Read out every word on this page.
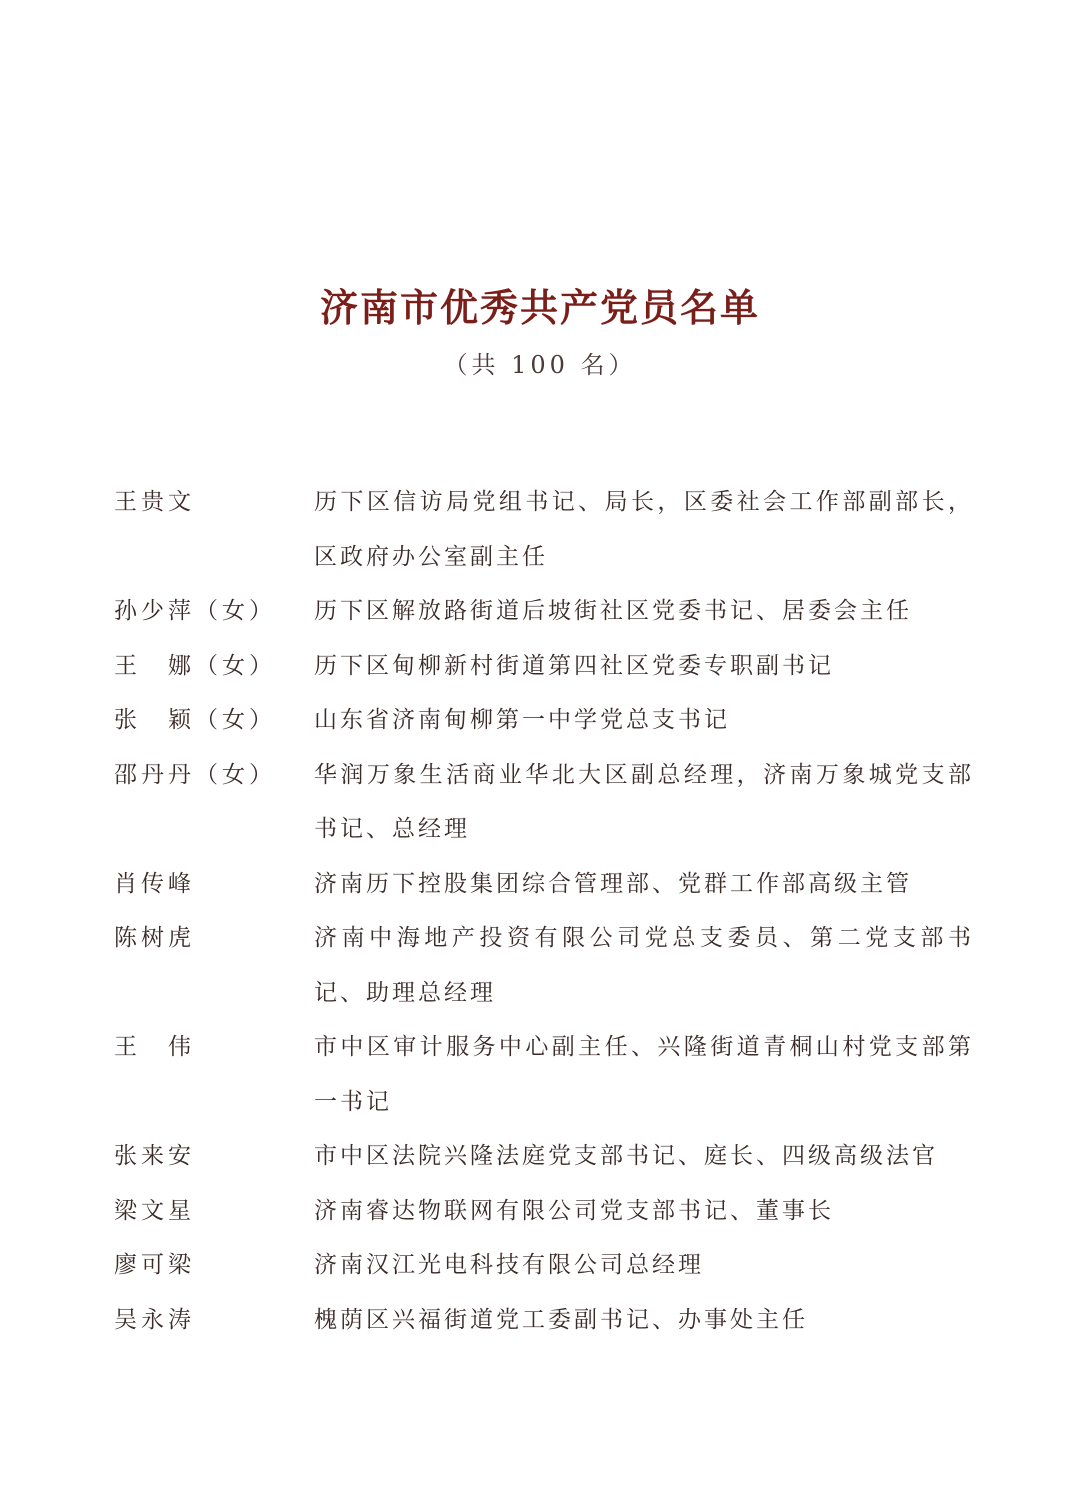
济南市优秀共产党员名单
（共 100 名）
王贵文	历下区信访局党组书记、局长，区委社会工作部副部长，区政府办公室副主任
孙少萍（女）	历下区解放路街道后坡街社区党委书记、居委会主任
王　娜（女）	历下区甸柳新村街道第四社区党委专职副书记
张　颖（女）	山东省济南甸柳第一中学党总支书记
邵丹丹（女）	华润万象生活商业华北大区副总经理，济南万象城党支部书记、总经理
肖传峰	济南历下控股集团综合管理部、党群工作部高级主管
陈树虎	济南中海地产投资有限公司党总支委员、第二党支部书记、助理总经理
王　伟	市中区审计服务中心副主任、兴隆街道青桐山村党支部第一书记
张来安	市中区法院兴隆法庭党支部书记、庭长、四级高级法官
梁文星	济南睿达物联网有限公司党支部书记、董事长
廖可梁	济南汉江光电科技有限公司总经理
吴永涛	槐荫区兴福街道党工委副书记、办事处主任
